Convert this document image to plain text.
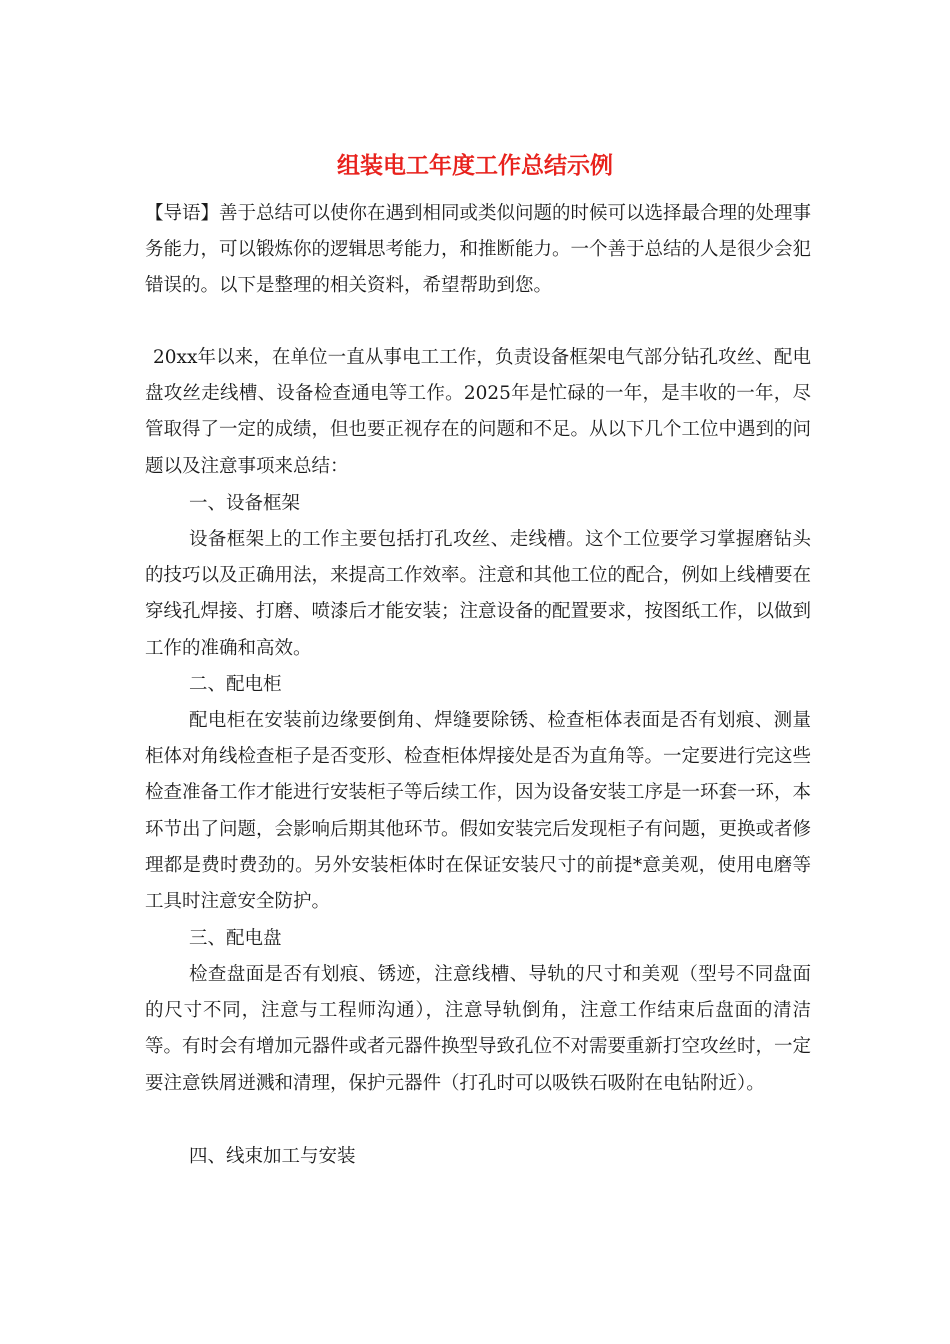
组装电工年度工作总结示例

【导语】善于总结可以使你在遇到相同或类似问题的时候可以选择最合理的处理事务能力，可以锻炼你的逻辑思考能力，和推断能力。一个善于总结的人是很少会犯错误的。以下是整理的相关资料，希望帮助到您。

20xx年以来，在单位一直从事电工工作，负责设备框架电气部分钻孔攻丝、配电盘攻丝走线槽、设备检查通电等工作。2025年是忙碌的一年，是丰收的一年，尽管取得了一定的成绩，但也要正视存在的问题和不足。从以下几个工位中遇到的问题以及注意事项来总结：

一、设备框架

设备框架上的工作主要包括打孔攻丝、走线槽。这个工位要学习掌握磨钻头的技巧以及正确用法，来提高工作效率。注意和其他工位的配合，例如上线槽要在穿线孔焊接、打磨、喷漆后才能安装；注意设备的配置要求，按图纸工作，以做到工作的准确和高效。

二、配电柜

配电柜在安装前边缘要倒角、焊缝要除锈、检查柜体表面是否有划痕、测量柜体对角线检查柜子是否变形、检查柜体焊接处是否为直角等。一定要进行完这些检查准备工作才能进行安装柜子等后续工作，因为设备安装工序是一环套一环，本环节出了问题，会影响后期其他环节。假如安装完后发现柜子有问题，更换或者修理都是费时费劲的。另外安装柜体时在保证安装尺寸的前提*意美观，使用电磨等工具时注意安全防护。

三、配电盘

检查盘面是否有划痕、锈迹，注意线槽、导轨的尺寸和美观（型号不同盘面的尺寸不同，注意与工程师沟通），注意导轨倒角，注意工作结束后盘面的清洁等。有时会有增加元器件或者元器件换型导致孔位不对需要重新打空攻丝时，一定要注意铁屑迸溅和清理，保护元器件（打孔时可以吸铁石吸附在电钻附近）。

四、线束加工与安装
